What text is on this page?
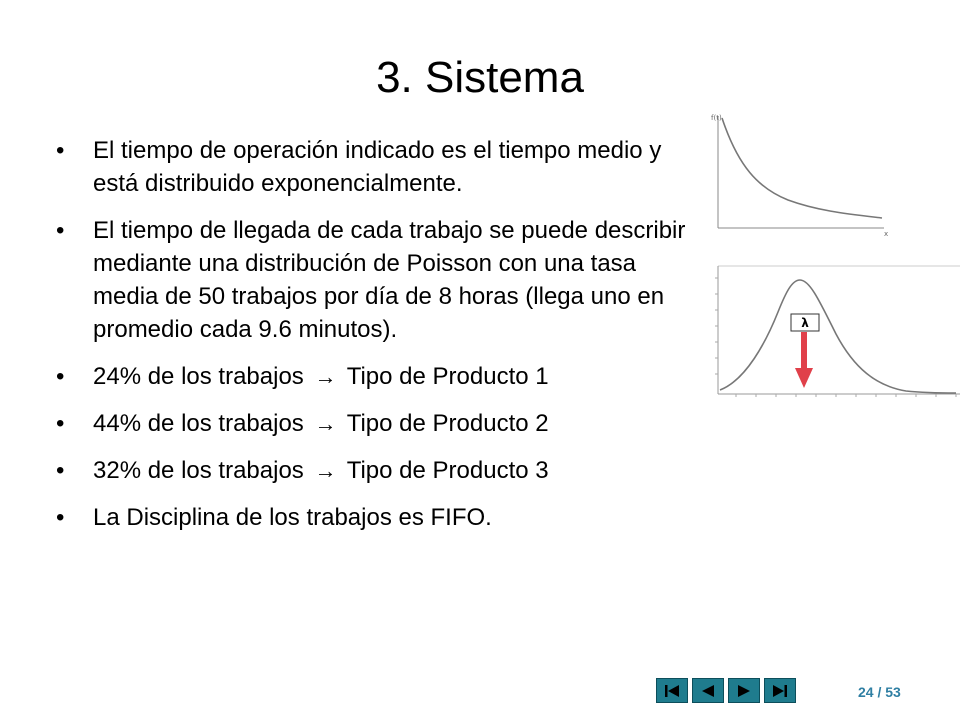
3. Sistema
•	El tiempo de operación indicado es el tiempo medio y está distribuido exponencialmente.
•	El tiempo de llegada de cada trabajo se puede describir mediante una distribución de Poisson con una tasa media de 50 trabajos por día de 8 horas (llega uno en promedio cada 9.6 minutos).
•	24% de los trabajos → Tipo de Producto 1
•	44% de los trabajos → Tipo de Producto 2
•	32% de los trabajos → Tipo de Producto 3
•	La Disciplina de los trabajos es FIFO.
f(t)
x
λ
24 / 53
